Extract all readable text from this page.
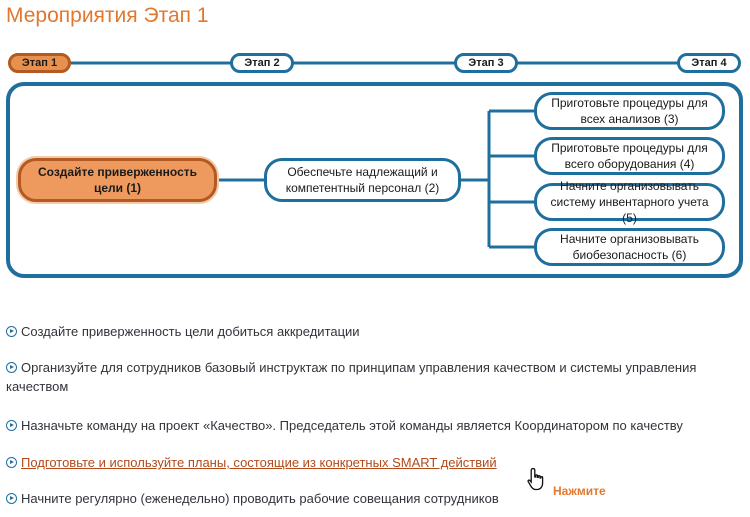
Мероприятия Этап 1
Этап 1	Этап 2	Этап 3	Этап 4
Создайте приверженность цели (1)
Обеспечьте надлежащий и компетентный персонал (2)
Приготовьте процедуры для всех анализов (3)
Приготовьте процедуры для всего оборудования (4)
Начните организовывать систему инвентарного учета (5)
Начните организовывать биобезопасность (6)
Создайте приверженность цели добиться аккредитации
Организуйте для сотрудников базовый инструктаж по принципам управления качеством и системы управления качеством
Назначьте команду на проект «Качество». Председатель этой команды является Координатором по качеству
Подготовьте и используйте планы, состоящие из конкретных SMART действий
Начните регулярно (еженедельно) проводить рабочие совещания сотрудников	Нажмите
